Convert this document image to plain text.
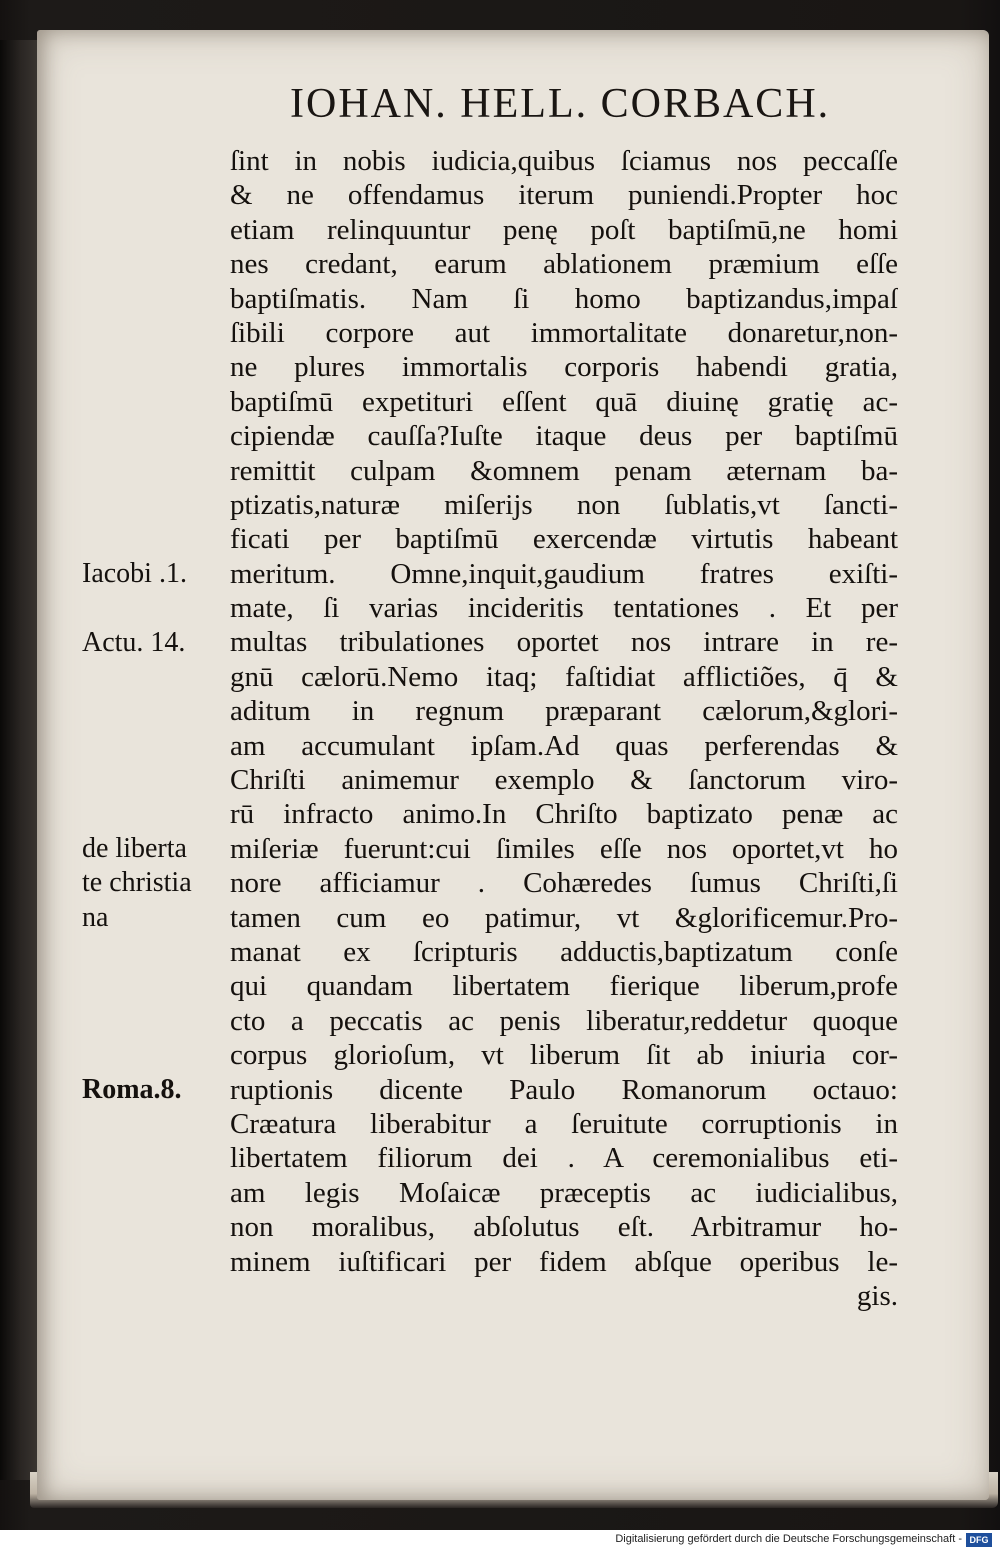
IOHAN. HELL. CORBACH.
ſint in nobis iudicia,quibus ſciamus nos peccaſſe
& ne offendamus iterum puniendi.Propter hoc
etiam relinquuntur penę poſt baptiſmū,ne homi
nes credant, earum ablationem præmium eſſe
baptiſmatis. Nam ſi homo baptizandus,impaſ
ſibili corpore aut immortalitate donaretur,non-
ne plures immortalis corporis habendi gratia,
baptiſmū expetituri eſſent quā diuinę gratię ac-
cipiendæ cauſſa?Iuſte itaque deus per baptiſmū
remittit culpam &omnem penam æternam ba-
ptizatis,naturæ miſerijs non ſublatis,vt ſancti-
ficati per baptiſmū exercendæ virtutis habeant
meritum. Omne,inquit,gaudium fratres exiſti-
mate, ſi varias incideritis tentationes . Et per
multas tribulationes oportet nos intrare in re-
gnū cælorū.Nemo itaq; faſtidiat afflictiões, q̄ &
aditum in regnum præparant cælorum,&glori-
am accumulant ipſam.Ad quas perferendas &
Chriſti animemur exemplo & ſanctorum viro-
rū infracto animo.In Chriſto baptizato penæ ac
miſeriæ fuerunt:cui ſimiles eſſe nos oportet,vt ho
nore afficiamur . Cohæredes ſumus Chriſti,ſi
tamen cum eo patimur, vt &glorificemur.Pro-
manat ex ſcripturis adductis,baptizatum conſe
qui quandam libertatem fierique liberum,profe
cto a peccatis ac penis liberatur,reddetur quoque
corpus glorioſum, vt liberum ſit ab iniuria cor-
ruptionis dicente Paulo Romanorum octauo:
Cræatura liberabitur a ſeruitute corruptionis in
libertatem filiorum dei . A ceremonialibus eti-
am legis Moſaicæ præceptis ac iudicialibus,
non moralibus, abſolutus eſt. Arbitramur ho-
minem iuſtificari per fidem abſque operibus le-
gis.
Iacobi .1.
Actu. 14.
de liberta
te christia
na
Roma.8.
Digitalisierung gefördert durch die Deutsche Forschungsgemeinschaft - DFG
